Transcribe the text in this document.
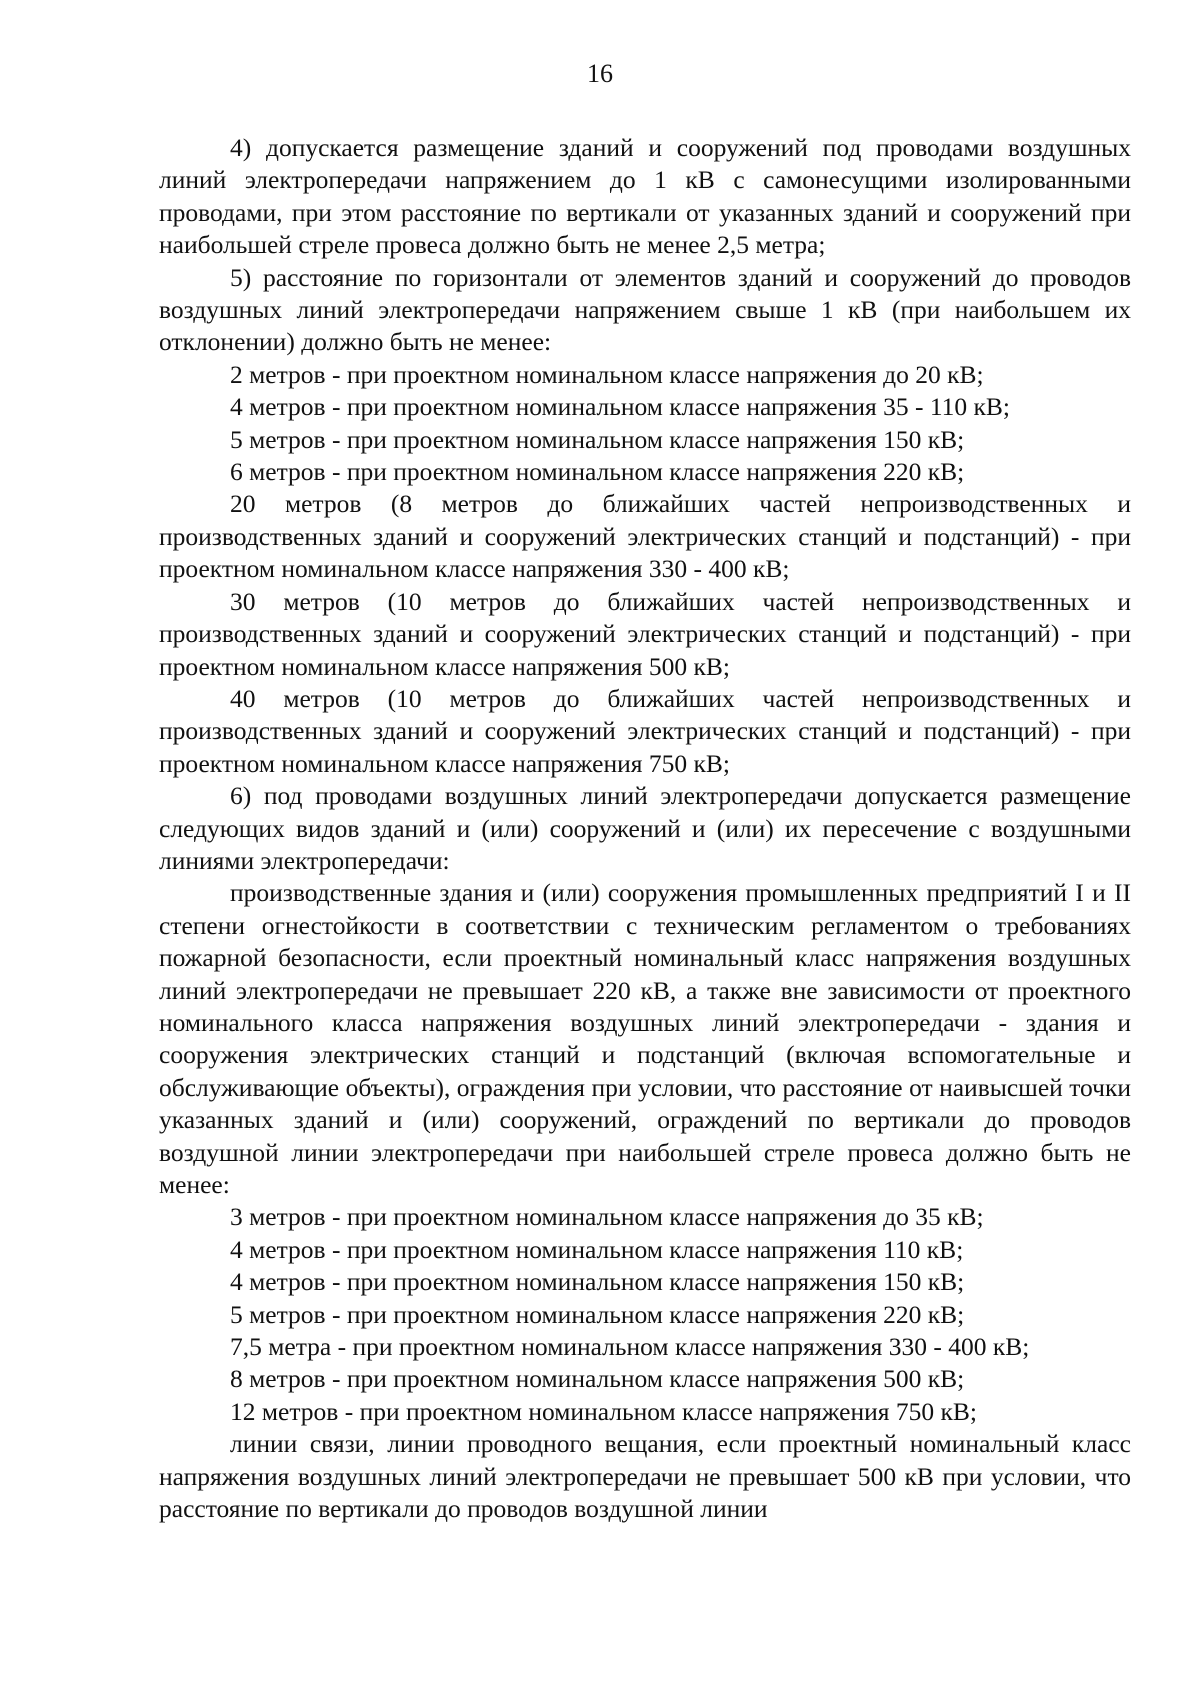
16

4) допускается размещение зданий и сооружений под проводами воздушных линий электропередачи напряжением до 1 кВ с самонесущими изолированными проводами, при этом расстояние по вертикали от указанных зданий и сооружений при наибольшей стреле провеса должно быть не менее 2,5 метра;

5) расстояние по горизонтали от элементов зданий и сооружений до проводов воздушных линий электропередачи напряжением свыше 1 кВ (при наибольшем их отклонении) должно быть не менее:

2 метров - при проектном номинальном классе напряжения до 20 кВ;

4 метров - при проектном номинальном классе напряжения 35 - 110 кВ;

5 метров - при проектном номинальном классе напряжения 150 кВ;

6 метров - при проектном номинальном классе напряжения 220 кВ;

20 метров (8 метров до ближайших частей непроизводственных и производственных зданий и сооружений электрических станций и подстанций) - при проектном номинальном классе напряжения 330 - 400 кВ;

30 метров (10 метров до ближайших частей непроизводственных и производственных зданий и сооружений электрических станций и подстанций) - при проектном номинальном классе напряжения 500 кВ;

40 метров (10 метров до ближайших частей непроизводственных и производственных зданий и сооружений электрических станций и подстанций) - при проектном номинальном классе напряжения 750 кВ;

6) под проводами воздушных линий электропередачи допускается размещение следующих видов зданий и (или) сооружений и (или) их пересечение с воздушными линиями электропередачи:

производственные здания и (или) сооружения промышленных предприятий I и II степени огнестойкости в соответствии с техническим регламентом о требованиях пожарной безопасности, если проектный номинальный класс напряжения воздушных линий электропередачи не превышает 220 кВ, а также вне зависимости от проектного номинального класса напряжения воздушных линий электропередачи - здания и сооружения электрических станций и подстанций (включая вспомогательные и обслуживающие объекты), ограждения при условии, что расстояние от наивысшей точки указанных зданий и (или) сооружений, ограждений по вертикали до проводов воздушной линии электропередачи при наибольшей стреле провеса должно быть не менее:

3 метров - при проектном номинальном классе напряжения до 35 кВ;

4 метров - при проектном номинальном классе напряжения 110 кВ;

4 метров - при проектном номинальном классе напряжения 150 кВ;

5 метров - при проектном номинальном классе напряжения 220 кВ;

7,5 метра - при проектном номинальном классе напряжения 330 - 400 кВ;

8 метров - при проектном номинальном классе напряжения 500 кВ;

12 метров - при проектном номинальном классе напряжения 750 кВ;

линии связи, линии проводного вещания, если проектный номинальный класс напряжения воздушных линий электропередачи не превышает 500 кВ при условии, что расстояние по вертикали до проводов воздушной линии
